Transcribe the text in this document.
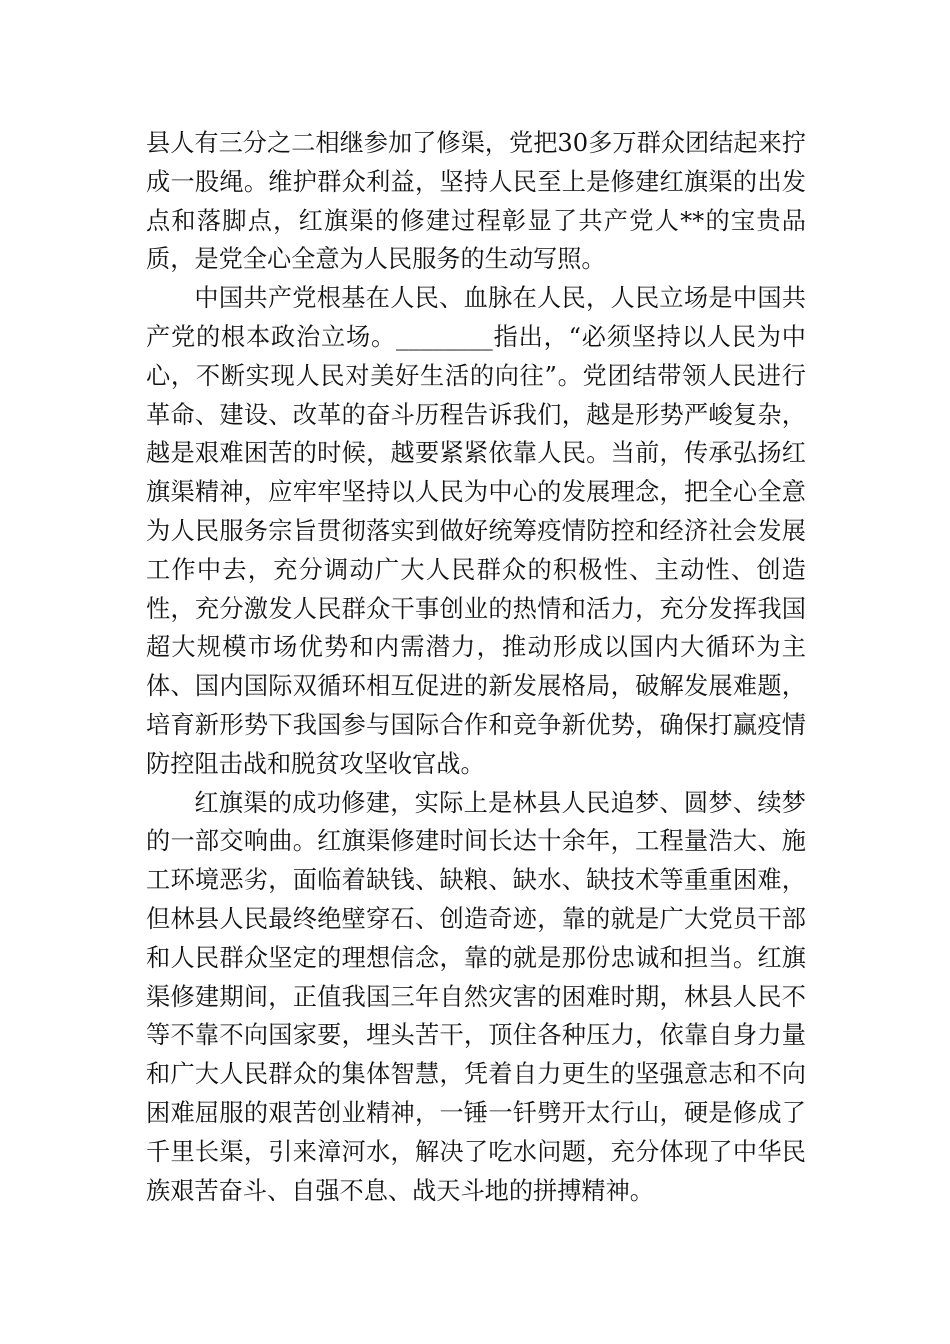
县人有三分之二相继参加了修渠，党把30多万群众团结起来拧成一股绳。维护群众利益，坚持人民至上是修建红旗渠的出发点和落脚点，红旗渠的修建过程彰显了共产党人**的宝贵品质，是党全心全意为人民服务的生动写照。

中国共产党根基在人民、血脉在人民，人民立场是中国共产党的根本政治立场。________指出，“必须坚持以人民为中心，不断实现人民对美好生活的向往”。党团结带领人民进行革命、建设、改革的奋斗历程告诉我们，越是形势严峻复杂，越是艰难困苦的时候，越要紧紧依靠人民。当前，传承弘扬红旗渠精神，应牢牢坚持以人民为中心的发展理念，把全心全意为人民服务宗旨贯彻落实到做好统筹疫情防控和经济社会发展工作中去，充分调动广大人民群众的积极性、主动性、创造性，充分激发人民群众干事创业的热情和活力，充分发挥我国超大规模市场优势和内需潜力，推动形成以国内大循环为主体、国内国际双循环相互促进的新发展格局，破解发展难题，培育新形势下我国参与国际合作和竞争新优势，确保打赢疫情防控阻击战和脱贫攻坚收官战。

红旗渠的成功修建，实际上是林县人民追梦、圆梦、续梦的一部交响曲。红旗渠修建时间长达十余年，工程量浩大、施工环境恶劣，面临着缺钱、缺粮、缺水、缺技术等重重困难，但林县人民最终绝壁穿石、创造奇迹，靠的就是广大党员干部和人民群众坚定的理想信念，靠的就是那份忠诚和担当。红旗渠修建期间，正值我国三年自然灾害的困难时期，林县人民不等不靠不向国家要，埋头苦干，顶住各种压力，依靠自身力量和广大人民群众的集体智慧，凭着自力更生的坚强意志和不向困难屈服的艰苦创业精神，一锤一钎劈开太行山，硬是修成了千里长渠，引来漳河水，解决了吃水问题，充分体现了中华民族艰苦奋斗、自强不息、战天斗地的拼搏精神。
